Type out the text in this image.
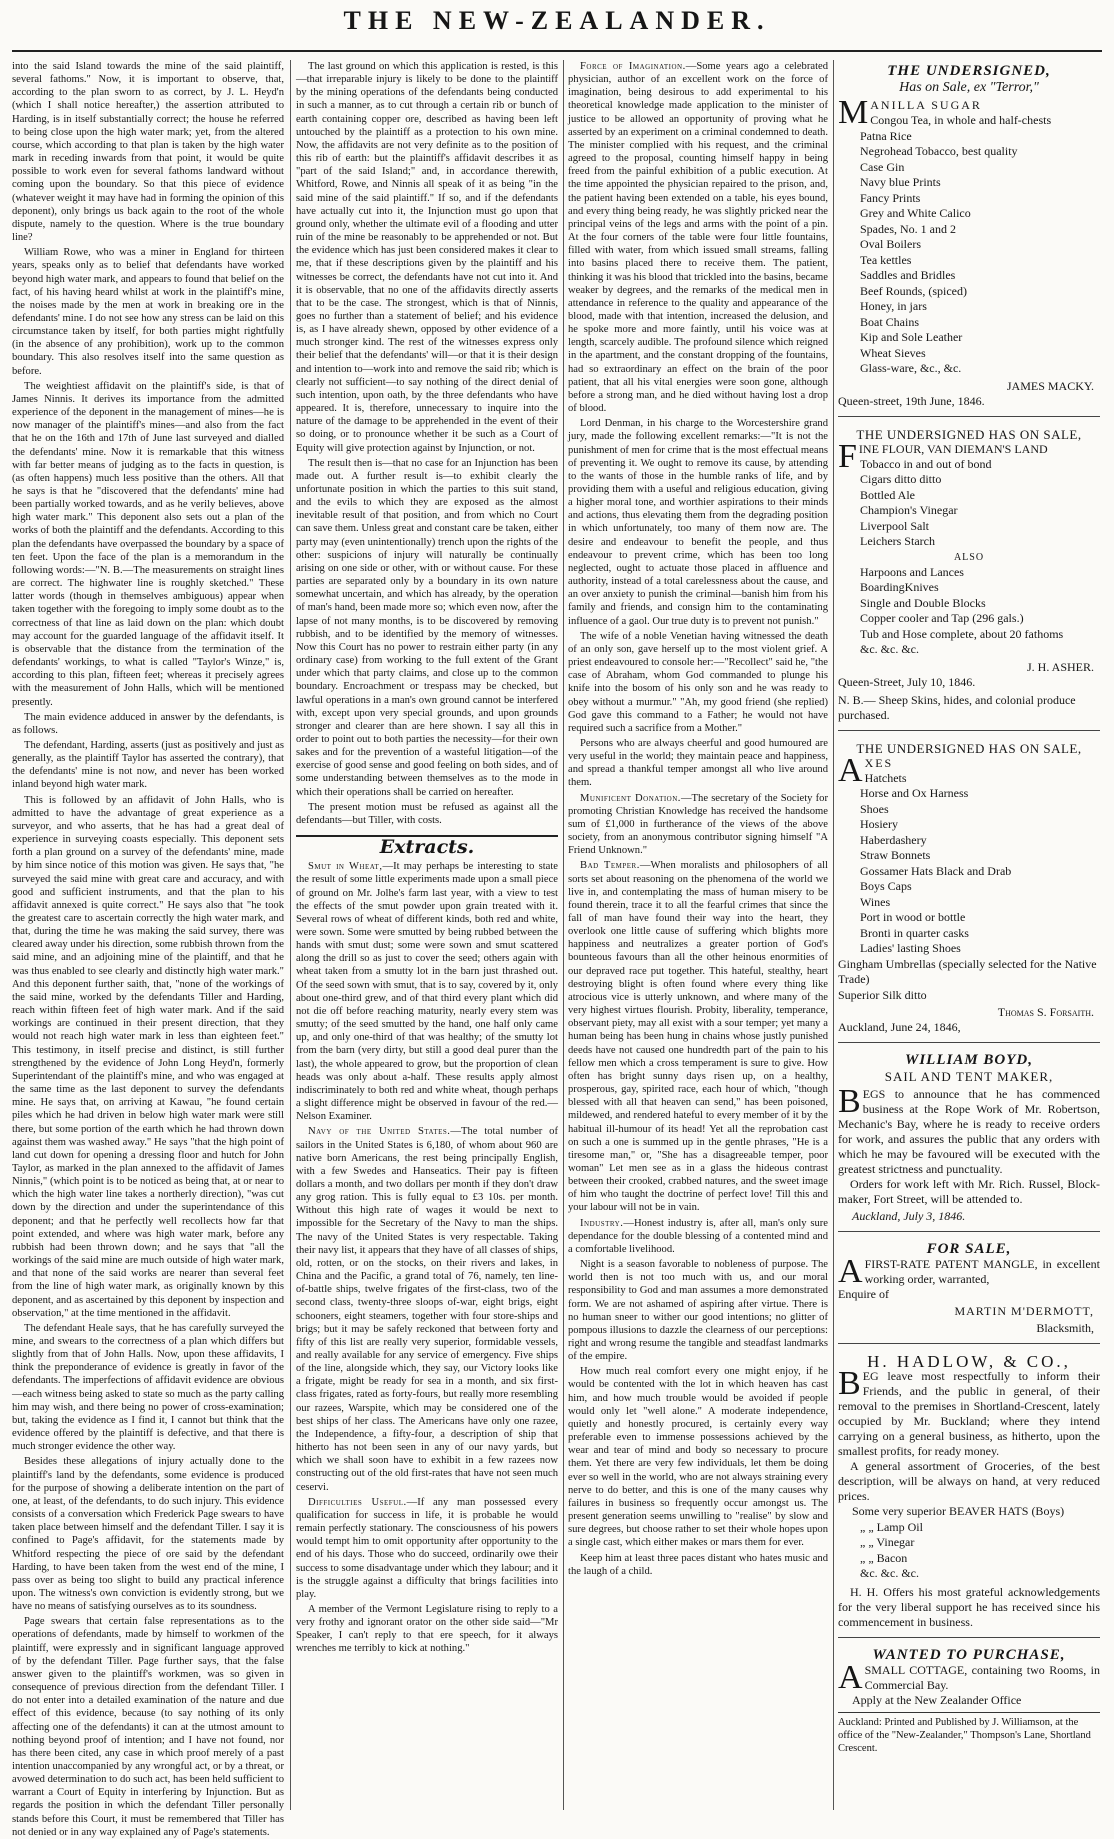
THE NEW-ZEALANDER.

into the said Island towards the mine of the said plaintiff, several fathoms." Now, it is important to observe, that, according to the plan sworn to as correct, by J. L. Heyd'n (which I shall notice hereafter,) the assertion attributed to Harding, is in itself substantially correct; the house he referred to being close upon the high water mark; yet, from the altered course, which according to that plan is taken by the high water mark in receding inwards from that point, it would be quite possible to work even for several fathoms landward without coming upon the boundary. So that this piece of evidence (whatever weight it may have had in forming the opinion of this deponent), only brings us back again to the root of the whole dispute, namely to the question. Where is the true boundary line?

William Rowe, who was a miner in England for thirteen years, speaks only as to belief that defendants have worked beyond high water mark, and appears to found that belief on the fact, of his having heard whilst at work in the plaintiff's mine, the noises made by the men at work in breaking ore in the defendants' mine. I do not see how any stress can be laid on this circumstance taken by itself, for both parties might rightfully (in the absence of any prohibition), work up to the common boundary. This also resolves itself into the same question as before.

The weightiest affidavit on the plaintiff's side, is that of James Ninnis. It derives its importance from the admitted experience of the deponent in the management of mines—he is now manager of the plaintiff's mines—and also from the fact that he on the 16th and 17th of June last surveyed and dialled the defendants' mine. Now it is remarkable that this witness with far better means of judging as to the facts in question, is (as often happens) much less positive than the others. All that he says is that he "discovered that the defendants' mine had been partially worked towards, and as he verily believes, above high water mark." This deponent also sets out a plan of the works of both the plaintiff and the defendants. According to this plan the defendants have overpassed the boundary by a space of ten feet. Upon the face of the plan is a memorandum in the following words:—"N. B.—The measurements on straight lines are correct. The highwater line is roughly sketched." These latter words (though in themselves ambiguous) appear when taken together with the foregoing to imply some doubt as to the correctness of that line as laid down on the plan: which doubt may account for the guarded language of the affidavit itself. It is observable that the distance from the termination of the defendants' workings, to what is called "Taylor's Winze," is, according to this plan, fifteen feet; whereas it precisely agrees with the measurement of John Halls, which will be mentioned presently.

The main evidence adduced in answer by the defendants, is as follows.

The defendant, Harding, asserts (just as positively and just as generally, as the plaintiff Taylor has asserted the contrary), that the defendants' mine is not now, and never has been worked inland beyond high water mark.

This is followed by an affidavit of John Halls, who is admitted to have the advantage of great experience as a surveyor, and who asserts, that he has had a great deal of experience in surveying coasts especially. This deponent sets forth a plan ground on a survey of the defendants' mine, made by him since notice of this motion was given. He says that, "he surveyed the said mine with great care and accuracy, and with good and sufficient instruments, and that the plan to his affidavit annexed is quite correct." He says also that "he took the greatest care to ascertain correctly the high water mark, and that, during the time he was making the said survey, there was cleared away under his direction, some rubbish thrown from the said mine, and an adjoining mine of the plaintiff, and that he was thus enabled to see clearly and distinctly high water mark." And this deponent further saith, that, "none of the workings of the said mine, worked by the defendants Tiller and Harding, reach within fifteen feet of high water mark. And if the said workings are continued in their present direction, that they would not reach high water mark in less than eighteen feet." This testimony, in itself precise and distinct, is still further strengthened by the evidence of John Long Heyd'n, formerly Superintendant of the plaintiff's mine, and who was engaged at the same time as the last deponent to survey the defendants mine. He says that, on arriving at Kawau, "he found certain piles which he had driven in below high water mark were still there, but some portion of the earth which he had thrown down against them was washed away." He says "that the high point of land cut down for opening a dressing floor and hutch for John Taylor, as marked in the plan annexed to the affidavit of James Ninnis," (which point is to be noticed as being that, at or near to which the high water line takes a northerly direction), "was cut down by the direction and under the superintendance of this deponent; and that he perfectly well recollects how far that point extended, and where was high water mark, before any rubbish had been thrown down; and he says that "all the workings of the said mine are much outside of high water mark, and that none of the said works are nearer than several feet from the line of high water mark, as originally known by this deponent, and as ascertained by this deponent by inspection and observation," at the time mentioned in the affidavit.

The defendant Heale says, that he has carefully surveyed the mine, and swears to the correctness of a plan which differs but slightly from that of John Halls. Now, upon these affidavits, I think the preponderance of evidence is greatly in favor of the defendants. The imperfections of affidavit evidence are obvious—each witness being asked to state so much as the party calling him may wish, and there being no power of cross-examination; but, taking the evidence as I find it, I cannot but think that the evidence offered by the plaintiff is defective, and that there is much stronger evidence the other way.

Besides these allegations of injury actually done to the plaintiff's land by the defendants, some evidence is produced for the purpose of showing a deliberate intention on the part of one, at least, of the defendants, to do such injury. This evidence consists of a conversation which Frederick Page swears to have taken place between himself and the defendant Tiller. I say it is confined to Page's affidavit, for the statements made by Whitford respecting the piece of ore said by the defendant Harding, to have been taken from the west end of the mine, I pass over as being too slight to build any practical inference upon. The witness's own conviction is evidently strong, but we have no means of satisfying ourselves as to its soundness.

Page swears that certain false representations as to the operations of defendants, made by himself to workmen of the plaintiff, were expressly and in significant language approved of by the defendant Tiller. Page further says, that the false answer given to the plaintiff's workmen, was so given in consequence of previous direction from the defendant Tiller. I do not enter into a detailed examination of the nature and due effect of this evidence, because (to say nothing of its only affecting one of the defendants) it can at the utmost amount to nothing beyond proof of intention; and I have not found, nor has there been cited, any case in which proof merely of a past intention unaccompanied by any wrongful act, or by a threat, or avowed determination to do such act, has been held sufficient to warrant a Court of Equity in interfering by Injunction. But as regards the position in which the defendant Tiller personally stands before this Court, it must be remembered that Tiller has not denied or in any way explained any of Page's statements.

The last ground on which this application is rested, is this—that irreparable injury is likely to be done to the plaintiff by the mining operations of the defendants being conducted in such a manner, as to cut through a certain rib or bunch of earth containing copper ore, described as having been left untouched by the plaintiff as a protection to his own mine. Now, the affidavits are not very definite as to the position of this rib of earth: but the plaintiff's affidavit describes it as "part of the said Island;" and, in accordance therewith, Whitford, Rowe, and Ninnis all speak of it as being "in the said mine of the said plaintiff." If so, and if the defendants have actually cut into it, the Injunction must go upon that ground only, whether the ultimate evil of a flooding and utter ruin of the mine be reasonably to be apprehended or not. But the evidence which has just been considered makes it clear to me, that if these descriptions given by the plaintiff and his witnesses be correct, the defendants have not cut into it. And it is observable, that no one of the affidavits directly asserts that to be the case. The strongest, which is that of Ninnis, goes no further than a statement of belief; and his evidence is, as I have already shewn, opposed by other evidence of a much stronger kind. The rest of the witnesses express only their belief that the defendants' will—or that it is their design and intention to—work into and remove the said rib; which is clearly not sufficient—to say nothing of the direct denial of such intention, upon oath, by the three defendants who have appeared. It is, therefore, unnecessary to inquire into the nature of the damage to be apprehended in the event of their so doing, or to pronounce whether it be such as a Court of Equity will give protection against by Injunction, or not.

The result then is—that no case for an Injunction has been made out. A further result is—to exhibit clearly the unfortunate position in which the parties to this suit stand, and the evils to which they are exposed as the almost inevitable result of that position, and from which no Court can save them. Unless great and constant care be taken, either party may (even unintentionally) trench upon the rights of the other: suspicions of injury will naturally be continually arising on one side or other, with or without cause. For these parties are separated only by a boundary in its own nature somewhat uncertain, and which has already, by the operation of man's hand, been made more so; which even now, after the lapse of not many months, is to be discovered by removing rubbish, and to be identified by the memory of witnesses. Now this Court has no power to restrain either party (in any ordinary case) from working to the full extent of the Grant under which that party claims, and close up to the common boundary. Encroachment or trespass may be checked, but lawful operations in a man's own ground cannot be interfered with, except upon very special grounds, and upon grounds stronger and clearer than are here shown. I say all this in order to point out to both parties the necessity—for their own sakes and for the prevention of a wasteful litigation—of the exercise of good sense and good feeling on both sides, and of some understanding between themselves as to the mode in which their operations shall be carried on hereafter.

The present motion must be refused as against all the defendants—but Tiller, with costs.

Extracts.

Smut in Wheat,—It may perhaps be interesting to state the result of some little experiments made upon a small piece of ground on Mr. Jolhe's farm last year, with a view to test the effects of the smut powder upon grain treated with it. Several rows of wheat of different kinds, both red and white, were sown. Some were smutted by being rubbed between the hands with smut dust; some were sown and smut scattered along the drill so as just to cover the seed; others again with wheat taken from a smutty lot in the barn just thrashed out. Of the seed sown with smut, that is to say, covered by it, only about one-third grew, and of that third every plant which did not die off before reaching maturity, nearly every stem was smutty; of the seed smutted by the hand, one half only came up, and only one-third of that was healthy; of the smutty lot from the barn (very dirty, but still a good deal purer than the last), the whole appeared to grow, but the proportion of clean heads was only about a-half. These results apply almost indiscriminately to both red and white wheat, though perhaps a slight difference might be observed in favour of the red.—Nelson Examiner.

Navy of the United States.—The total number of sailors in the United States is 6,180, of whom about 960 are native born Americans, the rest being principally English, with a few Swedes and Hanseatics. Their pay is fifteen dollars a month, and two dollars per month if they don't draw any grog ration. This is fully equal to £3 10s. per month. Without this high rate of wages it would be next to impossible for the Secretary of the Navy to man the ships. The navy of the United States is very respectable. Taking their navy list, it appears that they have of all classes of ships, old, rotten, or on the stocks, on their rivers and lakes, in China and the Pacific, a grand total of 76, namely, ten line-of-battle ships, twelve frigates of the first-class, two of the second class, twenty-three sloops of-war, eight brigs, eight schooners, eight steamers, together with four store-ships and brigs; but it may be safely reckoned that between forty and fifty of this list are really very superior, formidable vessels, and really available for any service of emergency. Five ships of the line, alongside which, they say, our Victory looks like a frigate, might be ready for sea in a month, and six first-class frigates, rated as forty-fours, but really more resembling our razees, Warspite, which may be considered one of the best ships of her class. The Americans have only one razee, the Independence, a fifty-four, a description of ship that hitherto has not been seen in any of our navy yards, but which we shall soon have to exhibit in a few razees now constructing out of the old first-rates that have not seen much ceservi.

Difficulties Useful.—If any man possessed every qualification for success in life, it is probable he would remain perfectly stationary. The consciousness of his powers would tempt him to omit opportunity after opportunity to the end of his days. Those who do succeed, ordinarily owe their success to some disadvantage under which they labour; and it is the struggle against a difficulty that brings facilities into play.

A member of the Vermont Legislature rising to reply to a very frothy and ignorant orator on the other side said—"Mr Speaker, I can't reply to that ere speech, for it always wrenches me terribly to kick at nothing."

Force of Imagination.—Some years ago a celebrated physician, author of an excellent work on the force of imagination, being desirous to add experimental to his theoretical knowledge made application to the minister of justice to be allowed an opportunity of proving what he asserted by an experiment on a criminal condemned to death. The minister complied with his request, and the criminal agreed to the proposal, counting himself happy in being freed from the painful exhibition of a public execution. At the time appointed the physician repaired to the prison, and, the patient having been extended on a table, his eyes bound, and every thing being ready, he was slightly pricked near the principal veins of the legs and arms with the point of a pin. At the four corners of the table were four little fountains, filled with water, from which issued small streams, falling into basins placed there to receive them. The patient, thinking it was his blood that trickled into the basins, became weaker by degrees, and the remarks of the medical men in attendance in reference to the quality and appearance of the blood, made with that intention, increased the delusion, and he spoke more and more faintly, until his voice was at length, scarcely audible. The profound silence which reigned in the apartment, and the constant dropping of the fountains, had so extraordinary an effect on the brain of the poor patient, that all his vital energies were soon gone, although before a strong man, and he died without having lost a drop of blood.

Lord Denman, in his charge to the Worcestershire grand jury, made the following excellent remarks:—"It is not the punishment of men for crime that is the most effectual means of preventing it. We ought to remove its cause, by attending to the wants of those in the humble ranks of life, and by providing them with a useful and religious education, giving a higher moral tone, and worthier aspirations to their minds and actions, thus elevating them from the degrading position in which unfortunately, too many of them now are. The desire and endeavour to benefit the people, and thus endeavour to prevent crime, which has been too long neglected, ought to actuate those placed in affluence and authority, instead of a total carelessness about the cause, and an over anxiety to punish the criminal—banish him from his family and friends, and consign him to the contaminating influence of a gaol. Our true duty is to prevent not punish."

The wife of a noble Venetian having witnessed the death of an only son, gave herself up to the most violent grief. A priest endeavoured to console her:—"Recollect" said he, "the case of Abraham, whom God commanded to plunge his knife into the bosom of his only son and he was ready to obey without a murmur." "Ah, my good friend (she replied) God gave this command to a Father; he would not have required such a sacrifice from a Mother."

Persons who are always cheerful and good humoured are very useful in the world; they maintain peace and happiness, and spread a thankful temper amongst all who live around them.

Munificent Donation.—The secretary of the Society for promoting Christian Knowledge has received the handsome sum of £1,000 in furtherance of the views of the above society, from an anonymous contributor signing himself "A Friend Unknown."

Bad Temper.—When moralists and philosophers of all sorts set about reasoning on the phenomena of the world we live in, and contemplating the mass of human misery to be found therein, trace it to all the fearful crimes that since the fall of man have found their way into the heart, they overlook one little cause of suffering which blights more happiness and neutralizes a greater portion of God's bounteous favours than all the other heinous enormities of our depraved race put together. This hateful, stealthy, heart destroying blight is often found where every thing like atrocious vice is utterly unknown, and where many of the very highest virtues flourish. Probity, liberality, temperance, observant piety, may all exist with a sour temper; yet many a human being has been hung in chains whose justly punished deeds have not caused one hundredth part of the pain to his fellow men which a cross temperament is sure to give. How often has bright sunny days risen up, on a healthy, prosperous, gay, spirited race, each hour of which, "though blessed with all that heaven can send," has been poisoned, mildewed, and rendered hateful to every member of it by the habitual ill-humour of its head! Yet all the reprobation cast on such a one is summed up in the gentle phrases, "He is a tiresome man," or, "She has a disagreeable temper, poor woman" Let men see as in a glass the hideous contrast between their crooked, crabbed natures, and the sweet image of him who taught the doctrine of perfect love! Till this and your labour will not be in vain.

Industry.—Honest industry is, after all, man's only sure dependance for the double blessing of a contented mind and a comfortable livelihood.

Night is a season favorable to nobleness of purpose. The world then is not too much with us, and our moral responsibility to God and man assumes a more demonstrated form. We are not ashamed of aspiring after virtue. There is no human sneer to wither our good intentions; no glitter of pompous illusions to dazzle the clearness of our perceptions: right and wrong resume the tangible and steadfast landmarks of the empire.

How much real comfort every one might enjoy, if he would be contented with the lot in which heaven has cast him, and how much trouble would be avoided if people would only let "well alone." A moderate independence, quietly and honestly procured, is certainly every way preferable even to immense possessions achieved by the wear and tear of mind and body so necessary to procure them. Yet there are very few individuals, let them be doing ever so well in the world, who are not always straining every nerve to do better, and this is one of the many causes why failures in business so frequently occur amongst us. The present generation seems unwilling to "realise" by slow and sure degrees, but choose rather to set their whole hopes upon a single cast, which either makes or mars them for ever.

Keep him at least three paces distant who hates music and the laugh of a child.

THE UNDERSIGNED,
Has on Sale, ex "Terror,"
MANILLA SUGAR
Congou Tea, in whole and half-chests
Patna Rice
Negrohead Tobacco, best quality
Case Gin
Navy blue Prints
Fancy Prints
Grey and White Calico
Spades, No. 1 and 2
Oval Boilers
Tea kettles
Saddles and Bridles
Beef Rounds, (spiced)
Honey, in jars
Boat Chains
Kip and Sole Leather
Wheat Sieves
Glass-ware, &c., &c.
JAMES MACKY.
Queen-street, 19th June, 1846.
THE UNDERSIGNED HAS ON SALE,
FINE FLOUR, VAN DIEMAN'S LAND
Tobacco in and out of bond
Cigars ditto ditto
Bottled Ale
Champion's Vinegar
Liverpool Salt
Leichers Starch
ALSO
Harpoons and Lances
BoardingKnives
Single and Double Blocks
Copper cooler and Tap (296 gals.)
Tub and Hose complete, about 20 fathoms
&c. &c. &c.
J. H. ASHER.
Queen-Street, July 10, 1846.
N. B.— Sheep Skins, hides, and colonial produce purchased.
THE UNDERSIGNED HAS ON SALE,
AXES
Hatchets
Horse and Ox Harness
Shoes
Hosiery
Haberdashery
Straw Bonnets
Gossamer Hats Black and Drab
Boys Caps
Wines
Port in wood or bottle
Bronti in quarter casks
Ladies' lasting Shoes
Gingham Umbrellas (specially selected for the Native Trade)
Superior Silk ditto
Thomas S. Forsaith.
Auckland, June 24, 1846,
WILLIAM BOYD,
SAIL AND TENT MAKER,
BEGS to announce that he has commenced business at the Rope Work of Mr. Robertson, Mechanic's Bay, where he is ready to receive orders for work, and assures the public that any orders with which he may be favoured will be executed with the greatest strictness and punctuality.
Orders for work left with Mr. Rich. Russel, Block-maker, Fort Street, will be attended to.
Auckland, July 3, 1846.
FOR SALE,
AFIRST-RATE PATENT MANGLE, in excellent working order, warranted,
Enquire of
MARTIN M'DERMOTT,
Blacksmith,
H. HADLOW, & CO.,
BEG leave most respectfully to inform their Friends, and the public in general, of their removal to the premises in Shortland-Crescent, lately occupied by Mr. Buckland; where they intend carrying on a general business, as hitherto, upon the smallest profits, for ready money.
A general assortment of Groceries, of the best description, will be always on hand, at very reduced prices.
Some very superior BEAVER HATS (Boys)
„ „ Lamp Oil
„ „ Vinegar
„ „ Bacon
&c. &c. &c.
H. H. Offers his most grateful acknowledgements for the very liberal support he has received since his commencement in business.
WANTED TO PURCHASE,
ASMALL COTTAGE, containing two Rooms, in Commercial Bay.
Apply at the New Zealander Office
Auckland: Printed and Published by J. Williamson, at the office of the "New-Zealander," Thompson's Lane, Shortland Crescent.
